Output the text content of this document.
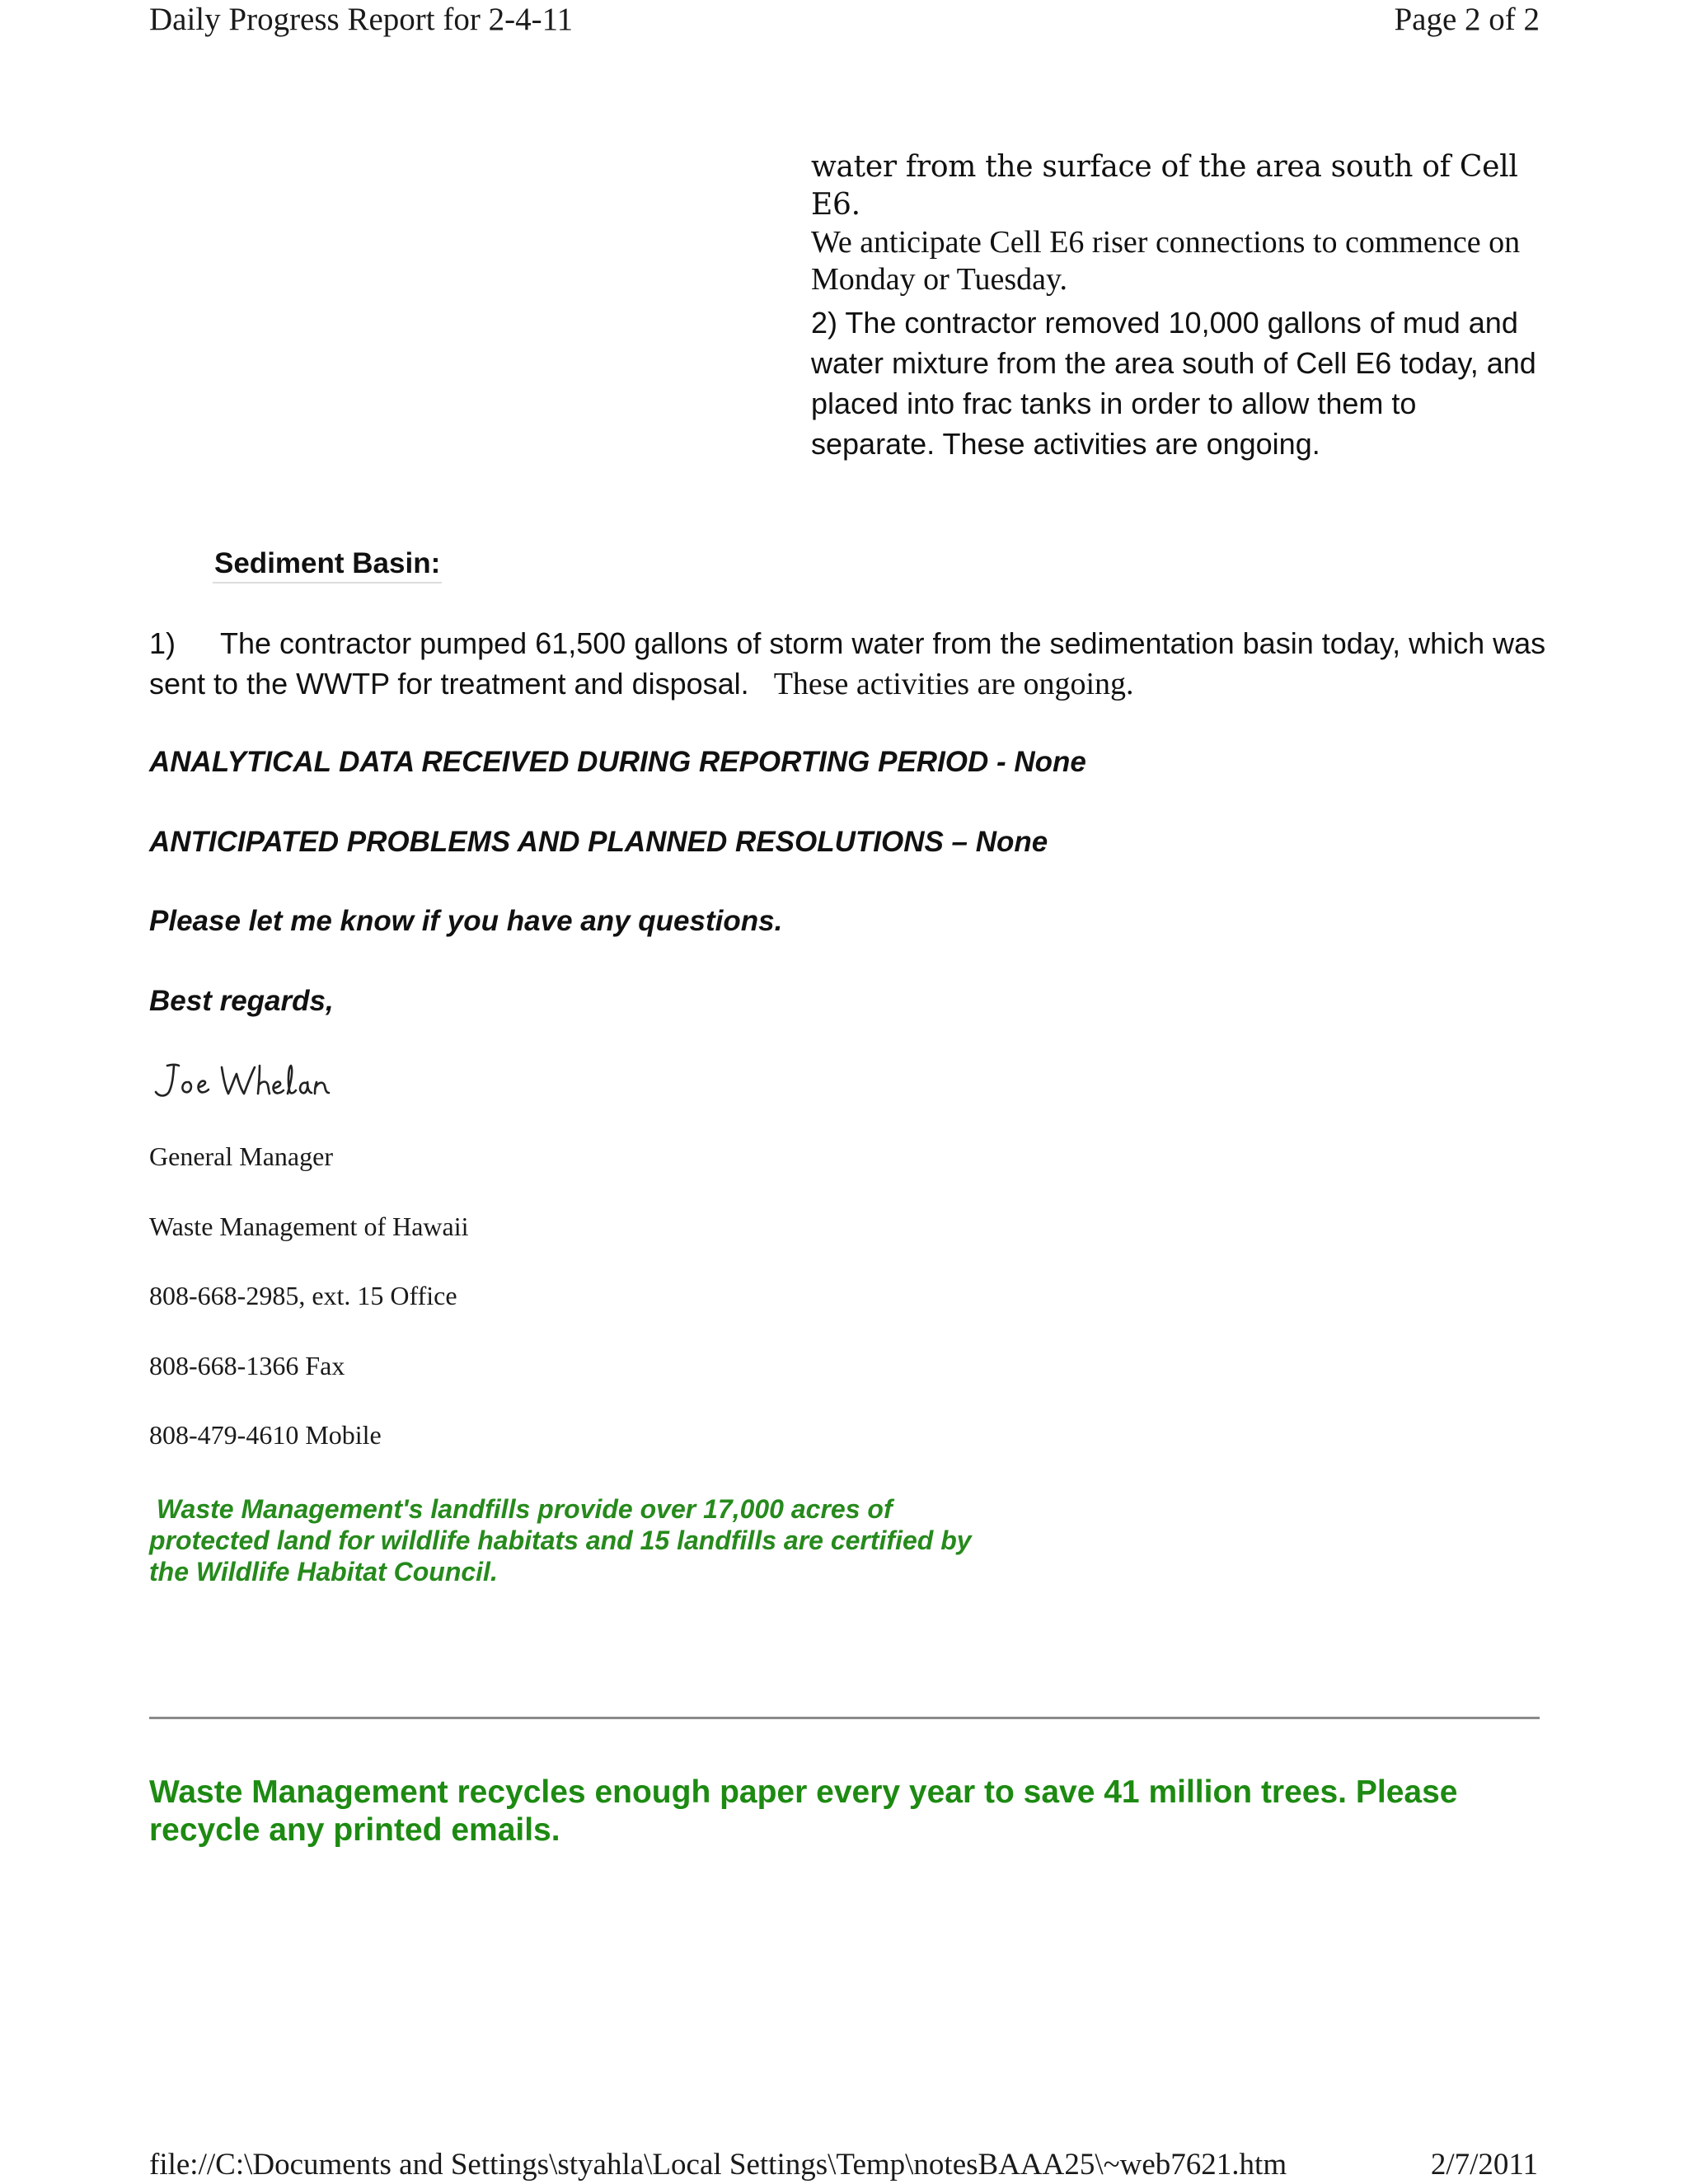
Daily Progress Report for 2-4-11	Page 2 of 2
water from the surface of the area south of Cell E6.
We anticipate Cell E6 riser connections to commence on Monday or Tuesday.
2) The contractor removed 10,000 gallons of mud and water mixture from the area south of Cell E6 today, and placed into frac tanks in order to allow them to separate. These activities are ongoing.
Sediment Basin:
1) The contractor pumped 61,500 gallons of storm water from the sedimentation basin today, which was sent to the WWTP for treatment and disposal. These activities are ongoing.
ANALYTICAL DATA RECEIVED DURING REPORTING PERIOD - None
ANTICIPATED PROBLEMS AND PLANNED RESOLUTIONS – None
Please let me know if you have any questions.
Best regards,
General Manager
Waste Management of Hawaii
808-668-2985, ext. 15 Office
808-668-1366 Fax
808-479-4610 Mobile
Waste Management's landfills provide over 17,000 acres of protected land for wildlife habitats and 15 landfills are certified by the Wildlife Habitat Council.
Waste Management recycles enough paper every year to save 41 million trees. Please recycle any printed emails.
file://C:\Documents and Settings\styahla\Local Settings\Temp\notesBAAA25\~web7621.htm	2/7/2011
